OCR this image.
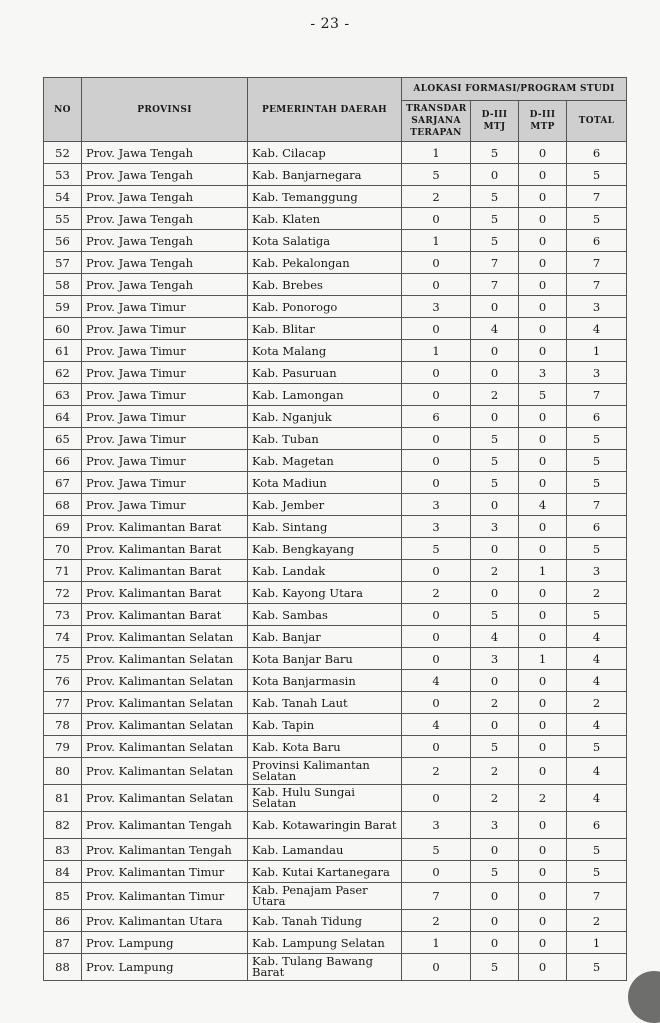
- 23 -
NO	PROVINSI	PEMERINTAH DAERAH	ALOKASI FORMASI/PROGRAM STUDI			
			TRANSDAR SARJANA TERAPAN	D-III MTJ	D-III MTP	TOTAL
52	Prov. Jawa Tengah	Kab. Cilacap	1	5	0	6
53	Prov. Jawa Tengah	Kab. Banjarnegara	5	0	0	5
54	Prov. Jawa Tengah	Kab. Temanggung	2	5	0	7
55	Prov. Jawa Tengah	Kab. Klaten	0	5	0	5
56	Prov. Jawa Tengah	Kota Salatiga	1	5	0	6
57	Prov. Jawa Tengah	Kab. Pekalongan	0	7	0	7
58	Prov. Jawa Tengah	Kab. Brebes	0	7	0	7
59	Prov. Jawa Timur	Kab. Ponorogo	3	0	0	3
60	Prov. Jawa Timur	Kab. Blitar	0	4	0	4
61	Prov. Jawa Timur	Kota Malang	1	0	0	1
62	Prov. Jawa Timur	Kab. Pasuruan	0	0	3	3
63	Prov. Jawa Timur	Kab. Lamongan	0	2	5	7
64	Prov. Jawa Timur	Kab. Nganjuk	6	0	0	6
65	Prov. Jawa Timur	Kab. Tuban	0	5	0	5
66	Prov. Jawa Timur	Kab. Magetan	0	5	0	5
67	Prov. Jawa Timur	Kota Madiun	0	5	0	5
68	Prov. Jawa Timur	Kab. Jember	3	0	4	7
69	Prov. Kalimantan Barat	Kab. Sintang	3	3	0	6
70	Prov. Kalimantan Barat	Kab. Bengkayang	5	0	0	5
71	Prov. Kalimantan Barat	Kab. Landak	0	2	1	3
72	Prov. Kalimantan Barat	Kab. Kayong Utara	2	0	0	2
73	Prov. Kalimantan Barat	Kab. Sambas	0	5	0	5
74	Prov. Kalimantan Selatan	Kab. Banjar	0	4	0	4
75	Prov. Kalimantan Selatan	Kota Banjar Baru	0	3	1	4
76	Prov. Kalimantan Selatan	Kota Banjarmasin	4	0	0	4
77	Prov. Kalimantan Selatan	Kab. Tanah Laut	0	2	0	2
78	Prov. Kalimantan Selatan	Kab. Tapin	4	0	0	4
79	Prov. Kalimantan Selatan	Kab. Kota Baru	0	5	0	5
80	Prov. Kalimantan Selatan	Provinsi Kalimantan Selatan	2	2	0	4
81	Prov. Kalimantan Selatan	Kab. Hulu Sungai Selatan	0	2	2	4
82	Prov. Kalimantan Tengah	Kab. Kotawaringin Barat	3	3	0	6
83	Prov. Kalimantan Tengah	Kab. Lamandau	5	0	0	5
84	Prov. Kalimantan Timur	Kab. Kutai Kartanegara	0	5	0	5
85	Prov. Kalimantan Timur	Kab. Penajam Paser Utara	7	0	0	7
86	Prov. Kalimantan Utara	Kab. Tanah Tidung	2	0	0	2
87	Prov. Lampung	Kab. Lampung Selatan	1	0	0	1
88	Prov. Lampung	Kab. Tulang Bawang Barat	0	5	0	5
